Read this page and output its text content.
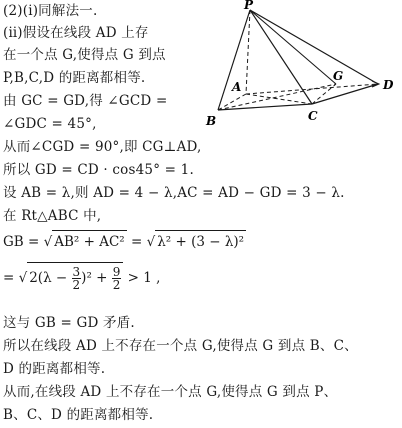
(2)(ⅰ)同解法一.
(ⅱ)假设在线段 AD 上存
在一个点 G,使得点 G 到点
P,B,C,D 的距离都相等.
由 GC = GD,得 ∠GCD =
∠GDC = 45°,
从而∠CGD = 90°,即 CG⊥AD,
所以 GD = CD · cos45° = 1.
设 AB = λ,则 AD = 4 − λ,AC = AD − GD = 3 − λ.
在 Rt△ABC 中,
GB = √ AB² + AC² = √ λ² + (3 − λ)²
= √ $2(\lambda - \frac{3}{2} )^2 + \frac{9}{2} > 1$ ,
这与 GB = GD 矛盾.
所以在线段 AD 上不存在一个点 G,使得点 G 到点 B、C、
D 的距离都相等.
从而,在线段 AD 上不存在一个点 G,使得点 G 到点 P、
B、C、D 的距离都相等.
P
A
B	C
D
G
